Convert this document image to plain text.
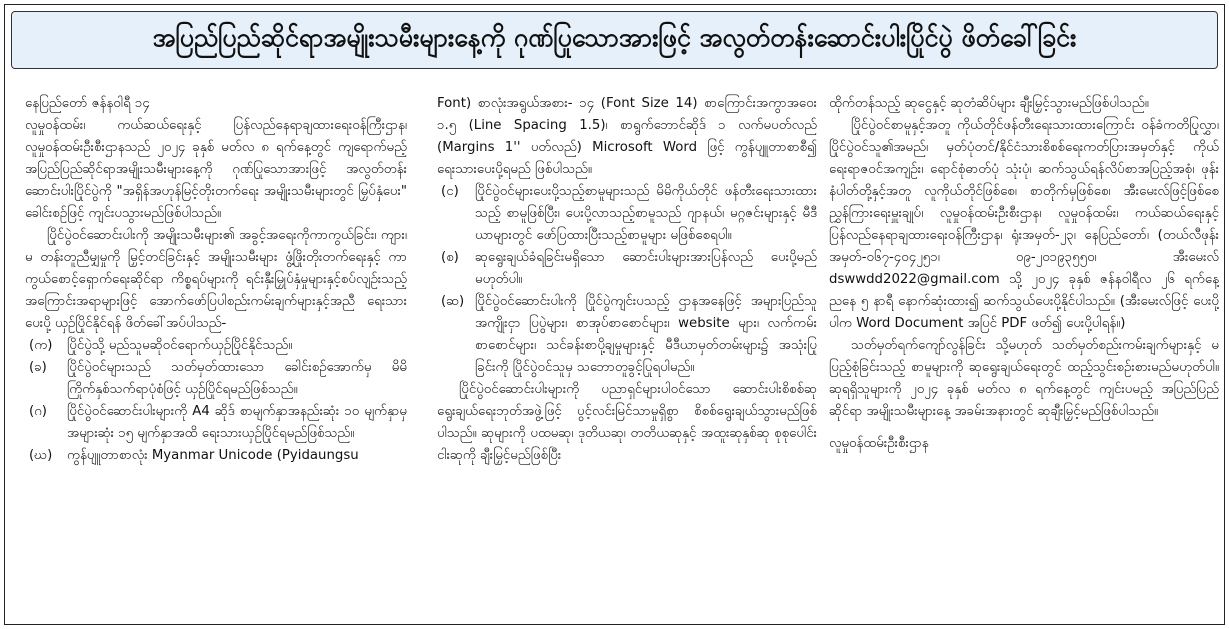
အပြည်ပြည်ဆိုင်ရာအမျိုးသမီးများနေ့ကို ဂုဏ်ပြုသောအားဖြင့် အလွတ်တန်းဆောင်းပါးပြိုင်ပွဲ ဖိတ်ခေါ်ခြင်း

နေပြည်တော် ဇန်နဝါရီ ၁၄

လူမှုဝန်ထမ်း၊ ကယ်ဆယ်ရေးနှင့် ပြန်လည်နေရာချထားရေးဝန်ကြီးဌာန၊ လူမှုဝန်ထမ်းဦးစီးဌာနသည် ၂၀၂၄ ခုနှစ် မတ်လ ၈ ရက်နေ့တွင် ကျရောက်မည့် အပြည်ပြည်ဆိုင်ရာအမျိုးသမီးများနေ့ကို ဂုဏ်ပြုသောအားဖြင့် အလွတ်တန်းဆောင်းပါးပြိုင်ပွဲကို "အရှိန်အဟုန်မြင့်တိုးတက်ရေး အမျိုးသမီးများတွင် မြှပ်နှံပေး" ခေါင်းစဉ်ဖြင့် ကျင်းပသွားမည်ဖြစ်ပါသည်။

ပြိုင်ပွဲဝင်ဆောင်းပါးကို အမျိုးသမီးများ၏ အခွင့်အရေးကိုကာကွယ်ခြင်း၊ ကျား၊ မ တန်းတူညီမျှမှုကို မြှင့်တင်ခြင်းနှင့် အမျိုးသမီးများ ဖွံ့ဖြိုးတိုးတက်ရေးနှင့် ကာကွယ်စောင့်ရှောက်ရေးဆိုင်ရာ ကိစ္စရပ်များကို ရင်းနှီးမြှုပ်နှံမှုများနှင့်စပ်လျဉ်းသည့် အကြောင်းအရာများဖြင့် အောက်ဖော်ပြပါစည်းကမ်းချက်များနှင့်အညီ ရေးသားပေးပို့ ယှဉ်ပြိုင်နိုင်ရန် ဖိတ်ခေါ်အပ်ပါသည်-

(က)	ပြိုင်ပွဲသို့ မည်သူမဆိုဝင်ရောက်ယှဉ်ပြိုင်နိုင်သည်။
(ခ)	ပြိုင်ပွဲဝင်များသည် သတ်မှတ်ထားသော ခေါင်းစဉ်အောက်မှ မိမိကြိုက်နှစ်သက်ရာပုံစံဖြင့် ယှဉ်ပြိုင်ရမည်ဖြစ်သည်။
(ဂ)	ပြိုင်ပွဲဝင်ဆောင်းပါးများကို A4 ဆိုဒ် စာမျက်နှာအနည်းဆုံး ၁၀ မျက်နှာမှ အများဆုံး ၁၅ မျက်နှာအထိ ရေးသားယှဉ်ပြိုင်ရမည်ဖြစ်သည်။
(ဃ)	ကွန်ပျူတာစာလုံး Myanmar Unicode (Pyidaungsu

Font) စာလုံးအရွယ်အစား- ၁၄ (Font Size 14) စာကြောင်းအကွာအဝေး ၁.၅ (Line Spacing 1.5)၊ စာရွက်ဘောင်ဆိုဒ် ၁ လက်မပတ်လည် (Margins 1'' ပတ်လည်) Microsoft Word ဖြင့် ကွန်ပျူတာစာစီ၍ ရေးသားပေးပို့ရမည် ဖြစ်ပါသည်။

(င)	ပြိုင်ပွဲဝင်များပေးပို့သည့်စာမူများသည် မိမိကိုယ်တိုင် ဖန်တီးရေးသားထားသည့် စာမူဖြစ်ပြီး၊ ပေးပို့လာသည့်စာမူသည် ဂျာနယ်၊ မဂ္ဂဇင်းများနှင့် မီဒီယာများတွင် ဖော်ပြထားပြီးသည့်စာမူများ မဖြစ်စေရပါ။
(စ)	ဆုရွေးချယ်ခံရခြင်းမရှိသော ဆောင်းပါးများအားပြန်လည် ပေးပို့မည်မဟုတ်ပါ။
(ဆ) ပြိုင်ပွဲဝင်ဆောင်းပါးကို ပြိုင်ပွဲကျင်းပသည့် ဌာနအနေဖြင့် အများပြည်သူအကျိုးငှာ ပြပွဲများ၊ စာအုပ်စာစောင်များ၊ website များ၊ လက်ကမ်းစာစောင်များ၊ သင်ခန်းစာပို့ချမှုများနှင့် မီဒီယာမှတ်တမ်းများ၌ အသုံးပြုခြင်းကို ပြိုင်ပွဲဝင်သူမှ သဘောတူခွင့်ပြုရပါမည်။

ပြိုင်ပွဲဝင်ဆောင်းပါးများကို ပညာရှင်များပါဝင်သော ဆောင်းပါးစိစစ်ဆုရွေးချယ်ရေးဘုတ်အဖွဲ့ဖြင့် ပွင့်လင်းမြင်သာမှုရှိစွာ စိစစ်ရွေးချယ်သွားမည်ဖြစ်ပါသည်။ ဆုများကို ပထမဆု၊ ဒုတိယဆု၊ တတိယဆုနှင့် အထူးဆုနှစ်ဆု စုစုပေါင်းငါးဆုကို ချီးမြှင့်မည်ဖြစ်ပြီး

ထိုက်တန်သည့် ဆုငွေနှင့် ဆုတံဆိပ်များ ချီးမြှင့်သွားမည်ဖြစ်ပါသည်။

ပြိုင်ပွဲဝင်စာမူနှင့်အတူ ကိုယ်တိုင်ဖန်တီးရေးသားထားကြောင်း ဝန်ခံကတိပြုလွှာ၊ ပြိုင်ပွဲဝင်သူ၏အမည်၊ မှတ်ပုံတင်/နိုင်ငံသားစိစစ်ရေးကတ်ပြားအမှတ်နှင့် ကိုယ်ရေးရာဇဝင်အကျဉ်း၊ ရောင်စုံဓာတ်ပုံ သုံးပုံ၊ ဆက်သွယ်ရန်လိပ်စာအပြည့်အစုံ၊ ဖုန်းနံပါတ်တို့နှင့်အတူ လူကိုယ်တိုင်ဖြစ်စေ၊ စာတိုက်မှဖြစ်စေ၊ အီးမေးလ်ဖြင့်ဖြစ်စေ ညွှန်ကြားရေးမှူးချုပ်၊ လူမှုဝန်ထမ်းဦးစီးဌာန၊ လူမှုဝန်ထမ်း၊ ကယ်ဆယ်ရေးနှင့် ပြန်လည်နေရာချထားရေးဝန်ကြီးဌာန၊ ရုံးအမှတ်-၂၃၊ နေပြည်တော်၊ (တယ်လီဖုန်းအမှတ်-၀၆၇-၄၀၄၂၅၁၊ ၀၉-၂၀၁၉၃၅၅၀၊ အီးမေးလ် dswwdd2022@gmail.com သို့ ၂၀၂၄ ခုနှစ် ဇန်နဝါရီလ ၂၆ ရက်နေ့ ညနေ ၅ နာရီ နောက်ဆုံးထား၍ ဆက်သွယ်ပေးပို့နိုင်ပါသည်။ (အီးမေးလ်ဖြင့် ပေးပို့ပါက Word Document အပြင် PDF ဖတ်၍ ပေးပို့ပါရန်။)

သတ်မှတ်ရက်ကျော်လွန်ခြင်း သို့မဟုတ် သတ်မှတ်စည်းကမ်းချက်များနှင့် မပြည့်စုံခြင်းသည့် စာမူများကို ဆုရွေးချယ်ရေးတွင် ထည့်သွင်းစဉ်းစားမည်မဟုတ်ပါ။ ဆုရရှိသူများကို ၂၀၂၄ ခုနှစ် မတ်လ ၈ ရက်နေ့တွင် ကျင်းပမည့် အပြည်ပြည်ဆိုင်ရာ အမျိုးသမီးများနေ့ အခမ်းအနားတွင် ဆုချီးမြှင့်မည်ဖြစ်ပါသည်။

လူမှုဝန်ထမ်းဦးစီးဌာန
